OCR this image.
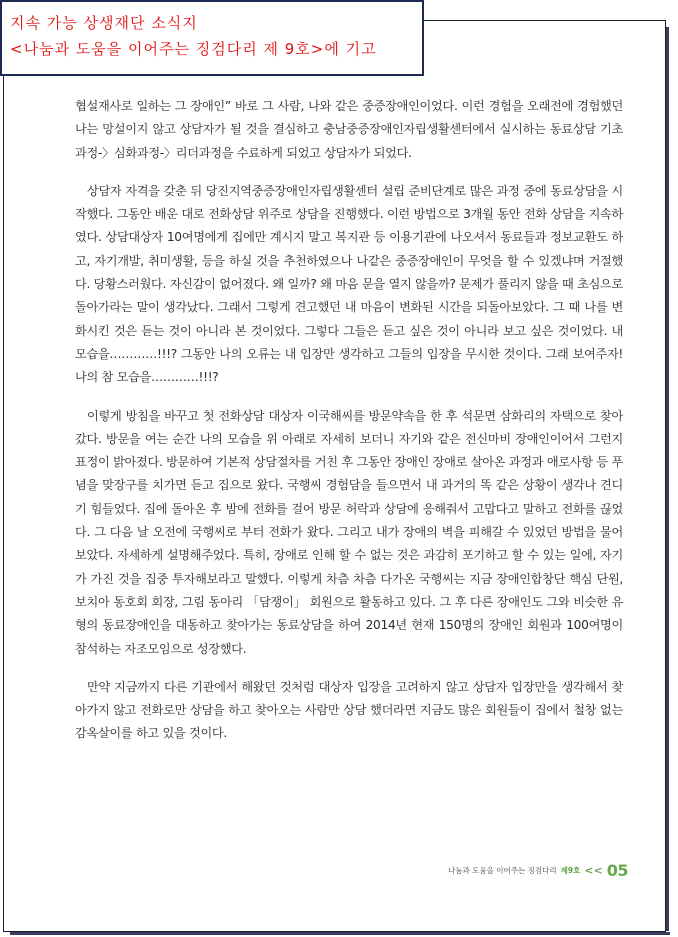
지속 가능 상생재단 소식지
<나눔과 도움을 이어주는 징검다리 제 9호>에 기고

협설재사로 일하는 그 장애인” 바로 그 사람, 나와 같은 중증장애인이었다. 이런 경험을 오래전에 경험했던 나는 망설이지 않고 상담자가 될 것을 결심하고 충남중증장애인자립생활센터에서 실시하는 동료상담 기초과정-〉심화과정-〉리더과정을 수료하게 되었고 상담자가 되었다.

상담자 자격을 갖춘 뒤 당진지역중증장애인자립생활센터 설립 준비단계로 많은 과정 중에 동료상담을 시작했다. 그동안 배운 대로 전화상담 위주로 상담을 진행했다. 이런 방법으로 3개월 동안 전화 상담을 지속하였다. 상담대상자 10여명에게 집에만 계시지 말고 복지관 등 이용기관에 나오셔서 동료들과 정보교환도 하고, 자기개발, 취미생활, 등을 하실 것을 추천하였으나 나같은 중증장애인이 무엇을 할 수 있겠냐며 거절했다. 당황스러웠다. 자신감이 없어졌다. 왜 일까? 왜 마음 문을 열지 않을까? 문제가 풀리지 않을 때 초심으로 돌아가라는 말이 생각났다. 그래서 그렇게 견고했던 내 마음이 변화된 시간을 되돌아보았다. 그 때 나를 변화시킨 것은 듣는 것이 아니라 본 것이었다. 그렇다 그들은 듣고 싶은 것이 아니라 보고 싶은 것이었다. 내 모습을…………!!!? 그동안 나의 오류는 내 입장만 생각하고 그들의 입장을 무시한 것이다. 그래 보여주자! 나의 참 모습을…………!!!?

이렇게 방침을 바꾸고 첫 전화상담 대상자 이국해씨를 방문약속을 한 후 석문면 삼화리의 자택으로 찾아갔다. 방문을 여는 순간 나의 모습을 위 아래로 자세히 보더니 자기와 같은 전신마비 장애인이어서 그런지 표정이 밝아졌다. 방문하여 기본적 상담절차를 거친 후 그동안 장애인 장애로 살아온 과정과 애로사항 등 푸념을 맞장구를 치가면 듣고 집으로 왔다. 국행씨 경험담을 들으면서 내 과거의 똑 같은 상황이 생각나 견디기 힘들었다. 집에 돌아온 후 밤에 전화를 걸어 방문 허락과 상담에 응해줘서 고맙다고 말하고 전화를 끊었다. 그 다음 날 오전에 국행씨로 부터 전화가 왔다. 그리고 내가 장애의 벽을 피해갈 수 있었던 방법을 물어보았다. 자세하게 설명해주었다. 특히, 장애로 인해 할 수 없는 것은 과감히 포기하고 할 수 있는 일에, 자기가 가진 것을 집중 투자해보라고 말했다. 이렇게 차츰 차츰 다가온 국행씨는 지금 장애인합창단 핵심 단원, 보치아 동호회 회장, 그림 동아리 「담쟁이」 회원으로 활동하고 있다. 그 후 다른 장애인도 그와 비슷한 유형의 동료장애인을 대동하고 찾아가는 동료상담을 하여 2014년 현재 150명의 장애인 회원과 100여명이 참석하는 자조모임으로 성장했다.

만약 지금까지 다른 기관에서 해왔던 것처럼 대상자 입장을 고려하지 않고 상담자 입장만을 생각해서 찾아가지 않고 전화로만 상담을 하고 찾아오는 사람만 상담 했더라면 지금도 많은 회원들이 집에서 철창 없는 감옥살이를 하고 있을 것이다.

나눔과 도움을 이어주는 징검다리 제9호 << 05
